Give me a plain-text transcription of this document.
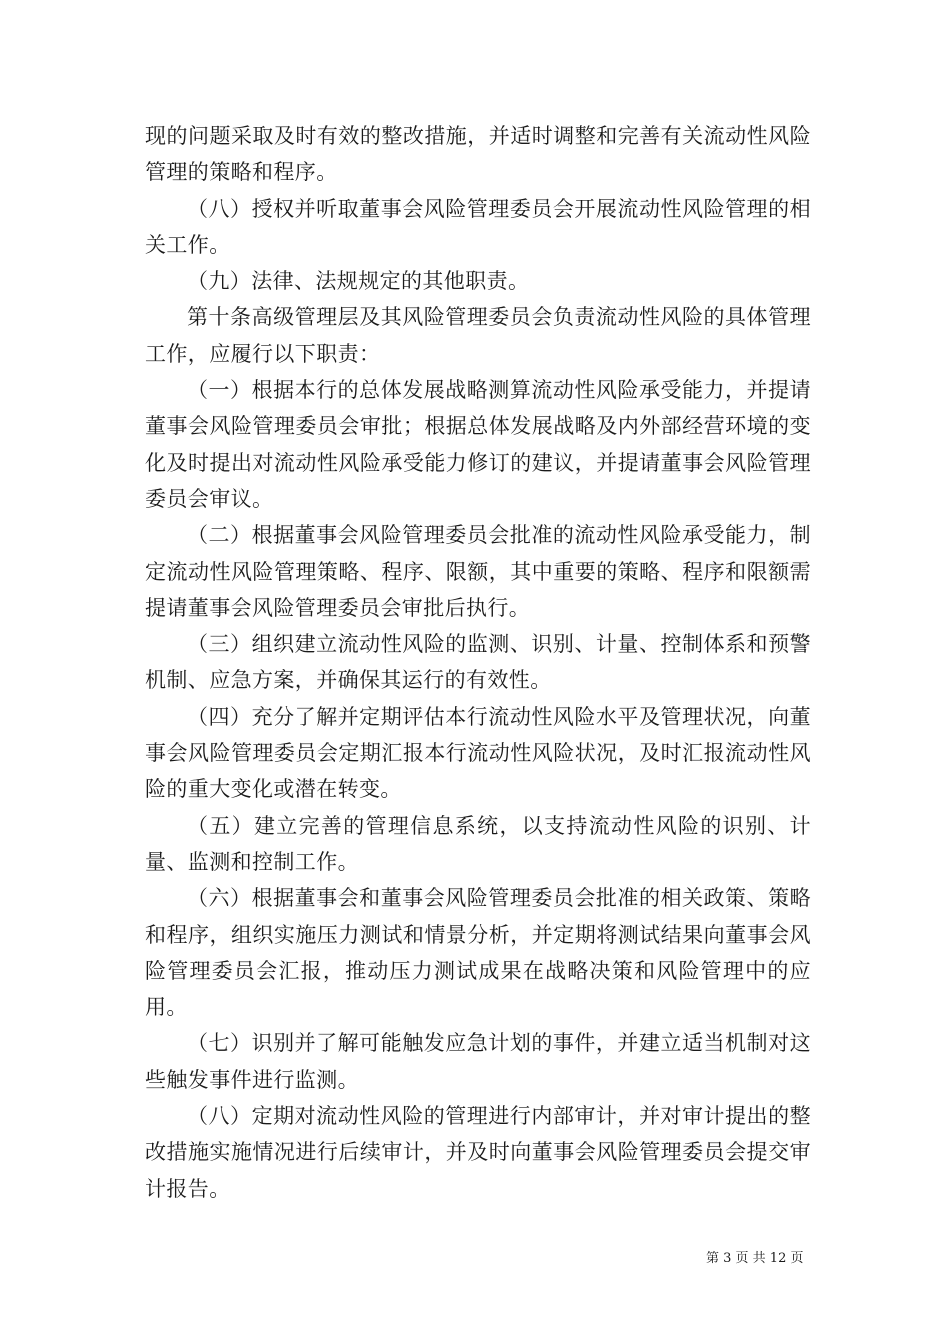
现的问题采取及时有效的整改措施，并适时调整和完善有关流动性风险管理的策略和程序。

（八）授权并听取董事会风险管理委员会开展流动性风险管理的相关工作。

（九）法律、法规规定的其他职责。

第十条高级管理层及其风险管理委员会负责流动性风险的具体管理工作，应履行以下职责：

（一）根据本行的总体发展战略测算流动性风险承受能力，并提请董事会风险管理委员会审批；根据总体发展战略及内外部经营环境的变化及时提出对流动性风险承受能力修订的建议，并提请董事会风险管理委员会审议。

（二）根据董事会风险管理委员会批准的流动性风险承受能力，制定流动性风险管理策略、程序、限额，其中重要的策略、程序和限额需提请董事会风险管理委员会审批后执行。

（三）组织建立流动性风险的监测、识别、计量、控制体系和预警机制、应急方案，并确保其运行的有效性。

（四）充分了解并定期评估本行流动性风险水平及管理状况，向董事会风险管理委员会定期汇报本行流动性风险状况，及时汇报流动性风险的重大变化或潜在转变。

（五）建立完善的管理信息系统，以支持流动性风险的识别、计量、监测和控制工作。

（六）根据董事会和董事会风险管理委员会批准的相关政策、策略和程序，组织实施压力测试和情景分析，并定期将测试结果向董事会风险管理委员会汇报，推动压力测试成果在战略决策和风险管理中的应用。

（七）识别并了解可能触发应急计划的事件，并建立适当机制对这些触发事件进行监测。

（八）定期对流动性风险的管理进行内部审计，并对审计提出的整改措施实施情况进行后续审计，并及时向董事会风险管理委员会提交审计报告。

第 3 页 共 12 页
